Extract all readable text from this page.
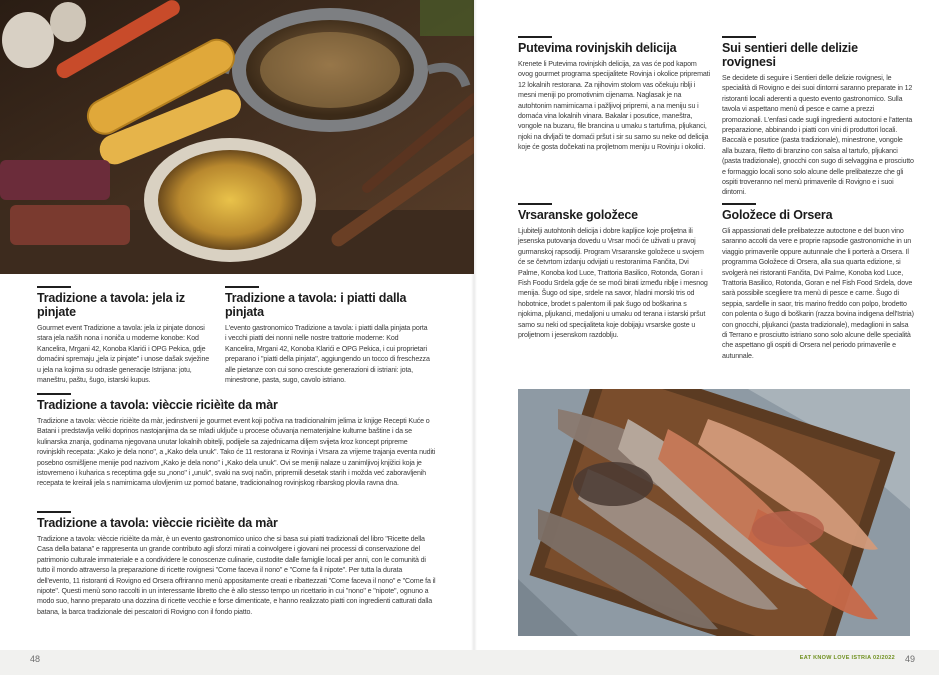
Tradizione a tavola: jela iz pinjate

Gourmet event Tradizione a tavola: jela iz pinjate donosi stara jela naših nona i noniča u moderne konobe: Kod Kancelira, Mrgani 42, Konoba Klarići i OPG Pekica, gdje domaćini spremaju „jela iz pinjate" i unose dašak svježine u jela na kojima su odrasle generacije Istrijana: jotu, maneštru, paštu, šugo, istarski kupus.

Tradizione a tavola: i piatti dalla pinjata

L'evento gastronomico Tradizione a tavola: i piatti dalla pinjata porta i vecchi piatti dei nonni nelle nostre trattorie moderne: Kod Kancelira, Mrgani 42, Konoba Klarići e OPG Pekica, i cui proprietari preparano i "piatti della pinjata", aggiungendo un tocco di freschezza alle pietanze con cui sono cresciute generazioni di istriani: jota, minestrone, pasta, sugo, cavolo istriano.

Tradizione a tavola: vièccie ricièìte da màr

Tradizione a tavola: vièccie ricièìte da màr, jedinstveni je gourmet event koji počiva na tradicionalnim jelima iz knjige Recepti Kuće o Batani i predstavlja veliki doprinos nastojanjima da se mladi uključe u procese očuvanja nematerijalne kulturne baštine i da se kulinarska znanja, godinama njegovana unutar lokalnih obitelji, podijele sa zajednicama diljem svijeta kroz koncept pripreme rovinjskih recepata: „Kako je dela nono", a „Kako dela unuk". Tako će 11 restorana iz Rovinja i Vrsara za vrijeme trajanja eventa nuditi posebno osmišljene menije pod nazivom „Kako je dela nono" i „Kako dela unuk". Ovi se meniji nalaze u zanimljivoj knjižici koja je istovremeno i kuharica s receptima gdje su „nono" i „unuk", svaki na svoj način, pripremili desetak starih i možda već zaboravljenih recepata te kreirali jela s namirnicama ulovljenim uz pomoć batane, tradicionalnog rovinjskog ribarskog plovila ravna dna.

Tradizione a tavola: vièccie ricièìte da màr

Tradizione a tavola: vièccie ricièìte da màr, è un evento gastronomico unico che si basa sui piatti tradizionali del libro "Ricette della Casa della batana" e rappresenta un grande contributo agli sforzi mirati a coinvolgere i giovani nei processi di conservazione del patrimonio culturale immateriale e a condividere le conoscenze culinarie, custodite dalle famiglie locali per anni, con le comunità di tutto il mondo attraverso la preparazione di ricette rovignesi "Come faceva il nono" e "Come fa il nipote". Per tutta la durata dell'evento, 11 ristoranti di Rovigno ed Orsera offriranno menù appositamente creati e ribattezzati "Come faceva il nono" e "Come fa il nipote". Questi menù sono raccolti in un interessante libretto che è allo stesso tempo un ricettario in cui "nono" e "nipote", ognuno a modo suo, hanno preparato una dozzina di ricette vecchie e forse dimenticate, e hanno realizzato piatti con ingredienti catturati dalla batana, la barca tradizionale dei pescatori di Rovigno con il fondo piatto.

Putevima rovinjskih delicija

Krenete li Putevima rovinjskih delicija, za vas će pod kapom ovog gourmet programa specijalitete Rovinja i okolice pripremati 12 lokalnih restorana. Za njihovim stolom vas očekuju riblji i mesni meniji po promotivnim cijenama. Naglasak je na autohtonim namirnicama i pažljivoj pripremi, a na meniju su i domaća vina lokalnih vinara. Bakalar i posutice, maneštra, vongole na buzaru, file brancina u umaku s tartufima, pljukanci, njoki na divljači te domaći pršut i sir su samo su neke od delicija koje će gosta dočekati na projletnom meniju u Rovinju i okolici.

Sui sentieri delle delizie rovignesi

Se decidete di seguire i Sentieri delle delizie rovignesi, le specialità di Rovigno e dei suoi dintorni saranno preparate in 12 ristoranti locali aderenti a questo evento gastronomico. Sulla tavola vi aspettano menù di pesce e carne a prezzi promozionali. L'enfasi cade sugli ingredienti autoctoni e l'attenta preparazione, abbinando i piatti con vini di produttori locali. Baccalà e posutice (pasta tradizionale), minestrone, vongole alla buzara, filetto di branzino con salsa al tartufo, pljukanci (pasta tradizionale), gnocchi con sugo di selvaggina e prosciutto e formaggio locali sono solo alcune delle prelibatezze che gli ospiti troveranno nel menù primaverile di Rovigno e i suoi dintorni.

Vrsaranske goložece

Ljubitelji autohtonih delicija i dobre kapljice koje proljetna ili jesenska putovanja dovedu u Vrsar moći će uživati u pravoj gurmanskoj rapsodiji. Program Vrsaranske goložece u svojem će se četvrtom izdanju odvijati u restoranima Fančita, Dvi Palme, Konoba kod Luce, Trattoria Basilico, Rotonda, Goran i Fish Foodu Srdela gdje će se moći birati između riblje i mesnog menija. Šugo od sipe, srdele na savor, hladni morski tris od hobotnice, brodet s palentom ili pak šugo od boškarina s njokima, pljukanci, medaljoni u umaku od terana i istarski pršut samo su neki od specijaliteta koje dobijaju vrsarske goste u proljetnom i jesenskom razdoblju.

Goložece di Orsera

Gli appassionati delle prelibatezze autoctone e del buon vino saranno accolti da vere e proprie rapsodie gastronomiche in un viaggio primaverile oppure autunnale che li porterà a Orsera. Il programma Goložece di Orsera, alla sua quarta edizione, si svolgerà nei ristoranti Fančita, Dvi Palme, Konoba kod Luce, Trattoria Basilico, Rotonda, Goran e nel Fish Food Srdela, dove sarà possibile scegliere tra menù di pesce e carne. Šugo di seppia, sardelle in saor, tris marino freddo con polpo, brodetto con polenta o šugo di boškarin (razza bovina indigena dell'Istria) con gnocchi, pljukanci (pasta tradizionale), medaglioni in salsa di Terrano e prosciutto istriano sono solo alcune delle specialità che aspettano gli ospiti di Orsera nel periodo primaverile e autunnale.

48	EAT KNOW LOVE ISTRIA 02/2022 49
